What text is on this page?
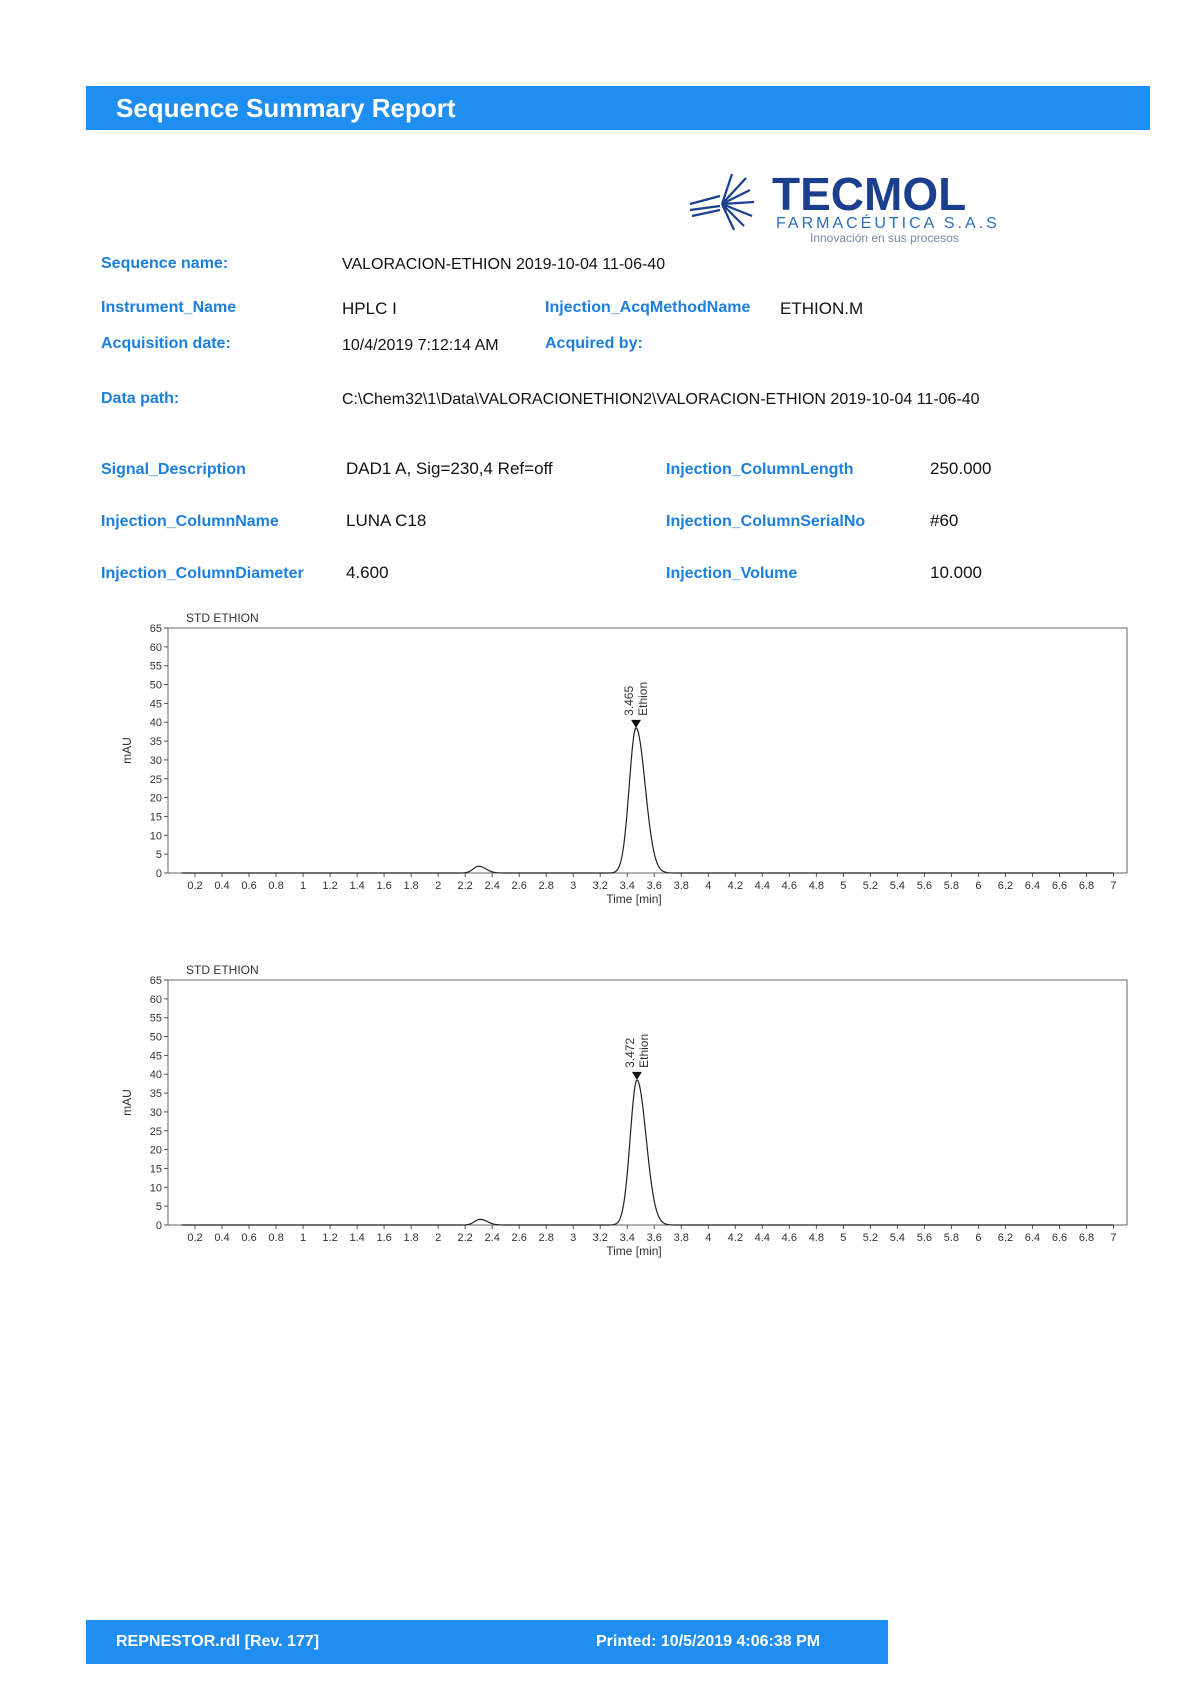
Sequence Summary Report
TECMOL
FARMACÉUTICA S.A.S
Innovación en sus procesos
Sequence name:	VALORACION-ETHION 2019-10-04 11-06-40
Instrument_Name	HPLC I	Injection_AcqMethodName ETHION.M
Acquisition date:	10/4/2019 7:12:14 AM	Acquired by:
Data path:	C:\Chem32\1\Data\VALORACIONETHION2\VALORACION-ETHION 2019-10-04 11-06-40
Signal_Description	DAD1 A, Sig=230,4 Ref=off	Injection_ColumnLength	250.000
Injection_ColumnName	LUNA C18	Injection_ColumnSerialNo	#60
Injection_ColumnDiameter 4.600	Injection_Volume	10.000
STD ETHION
0
5
10
15
20
25
30
35
40
45
50
55
60
65
mAU
0.2 0.4 0.6 0.8 1 1.2 1.4 1.6 1.8 2 2.2 2.4 2.6 2.8 3 3.2 3.4 3.6 3.8 4 4.2 4.4 4.6 4.8 5 5.2 5.4 5.6 5.8 6 6.2 6.4 6.6 6.8 7
Time [min]
3.465 Ethion
STD ETHION
0
5
10
15
20
25
30
35
40
45
50
55
60
65
mAU
0.2 0.4 0.6 0.8 1 1.2 1.4 1.6 1.8 2 2.2 2.4 2.6 2.8 3 3.2 3.4 3.6 3.8 4 4.2 4.4 4.6 4.8 5 5.2 5.4 5.6 5.8 6 6.2 6.4 6.6 6.8 7
Time [min]
3.472 Ethion
REPNESTOR.rdl [Rev. 177]	Printed: 10/5/2019 4:06:38 PM
